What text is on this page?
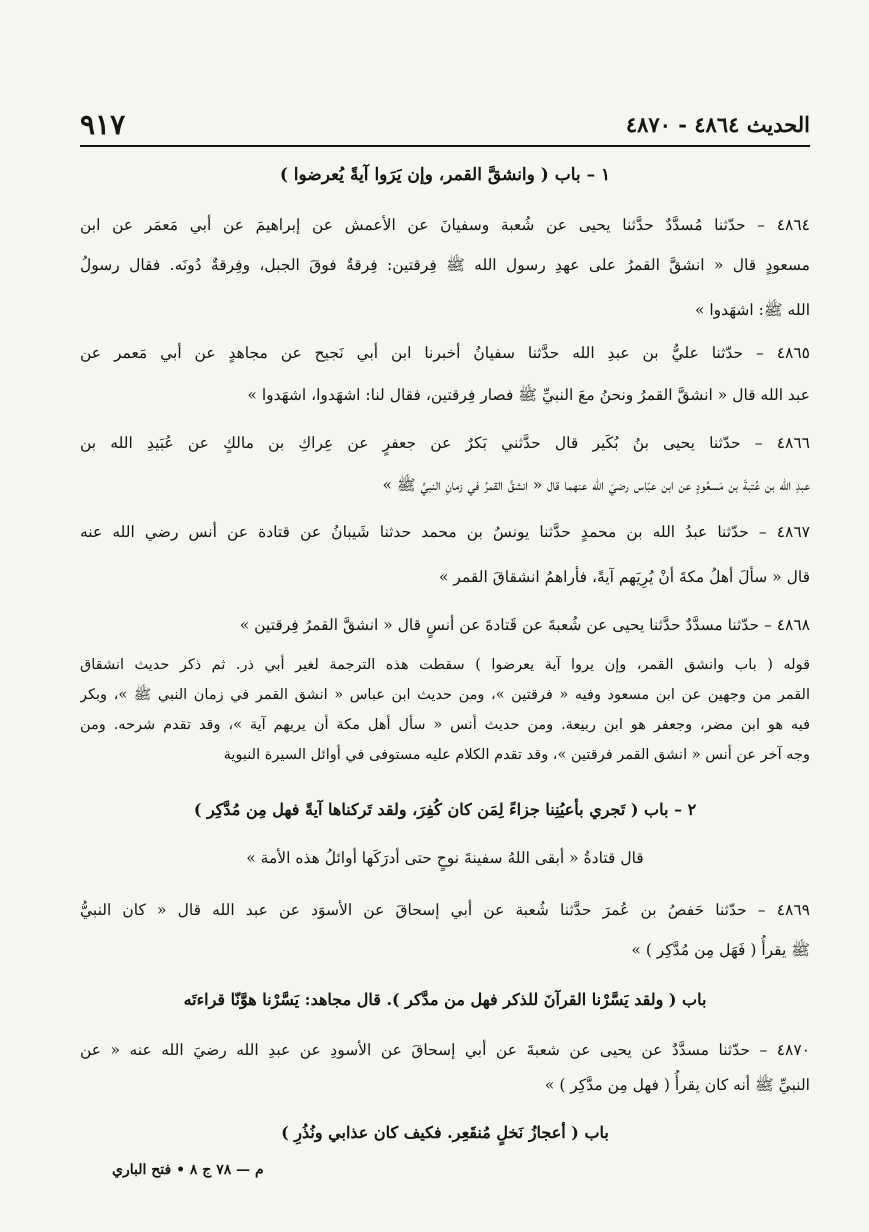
الحديث ٤٨٦٤ - ٤٨٧٠
٩١٧
١ – باب ( وانشقَّ القمر، وإن يَرَوا آيةً يُعرضوا )
٤٨٦٤ – حدّثنا مُسدَّدٌ حدَّثنا يحيى عن شُعبة وسفيانَ عن الأعمش عن إبراهيمَ عن أبي مَعمَر عن ابن
مسعودٍ قال « انشقَّ القمرُ على عهدِ رسول الله ﷺ فِرقتين: فِرقةٌ فوقَ الجبل، وفِرقةٌ دُونَه. فقال رسولُ
الله ﷺ: اشهَدوا »
٤٨٦٥ – حدّثنا عليُّ بن عبدِ الله حدَّثنا سفيانُ أخبرنا ابن أبي نَجيح عن مجاهدٍ عن أبي مَعمر عن
عبد الله قال « انشقَّ القمرُ ونحنُ معَ النبيِّ ﷺ فصار فِرقتين، فقال لنا: اشهَدوا، اشهَدوا »
٤٨٦٦ – حدّثنا يحيى بنُ بُكَير قال حدَّثني بَكرٌ عن جعفرٍ عن عِراكِ بن مالكٍ عن عُبَيدِ الله بن
عبدِ الله بن عُتبةَ بن مَسعُودٍ عن ابن عبّاس رضيَ الله عنهما قال « انشقَّ القمرُ في زمانِ النبيِّ ﷺ »
٤٨٦٧ – حدّثنا عبدُ الله بن محمدٍ حدَّثنا يونسُ بن محمد حدثنا شَيبانُ عن قتادة عن أنس رضي الله عنه
قال « سألَ أهلُ مكةَ أنْ يُرِيَهم آيةً، فأراهمُ انشقاقَ القمر »
٤٨٦٨ – حدّثنا مسدَّدٌ حدَّثنا يحيى عن شُعبةَ عن قَتادةَ عن أنسٍ قال « انشقَّ القمرُ فِرقتين »
قوله ( باب وانشق القمر، وإن يروا آية يعرضوا ) سقطت هذه الترجمة لغير أبي ذر. ثم ذكر حديث انشقاق
القمر من وجهين عن ابن مسعود وفيه « فرقتين »، ومن حديث ابن عباس « انشق القمر في زمان النبي ﷺ »، وبكر
فيه هو ابن مضر، وجعفر هو ابن ربيعة. ومن حديث أنس « سأل أهل مكة أن يريهم آية »، وقد تقدم شرحه. ومن
وجه آخر عن أنس « انشق القمر فرقتين »، وقد تقدم الكلام عليه مستوفى في أوائل السيرة النبوية
٢ – باب ( تَجري بأعيُنِنا جزاءً لِمَن كان كُفِرَ، ولقد تَركناها آيةً فهل مِن مُدَّكِر )
قال قتادةُ « أبقى اللهُ سفينةَ نوحٍ حتى أدرَكَها أوائلُ هذه الأمة »
٤٨٦٩ – حدّثنا حَفصُ بن عُمرَ حدَّثنا شُعبة عن أبي إسحاقَ عن الأسوَد عن عبد الله قال « كان النبيُّ
ﷺ يقرأُ ( فَهَل مِن مُدَّكِر ) »
باب ( ولقد يَسَّرْنا القرآنَ للذكر فهل من مدَّكر ). قال مجاهد: يَسَّرْنا هوَّنّا قراءتَه
٤٨٧٠ – حدّثنا مسدَّدٌ عن يحيى عن شعبةَ عن أبي إسحاقَ عن الأسودِ عن عبدِ الله رضيَ الله عنه « عن
النبيِّ ﷺ أنه كان يقرأُ ( فهل مِن مدَّكِر ) »
باب ( أعجازُ نَخلٍ مُنقَعِر. فكيف كان عذابي ونُذُرِ )
م — ٧٨ ج ٨ • فتح الباري
